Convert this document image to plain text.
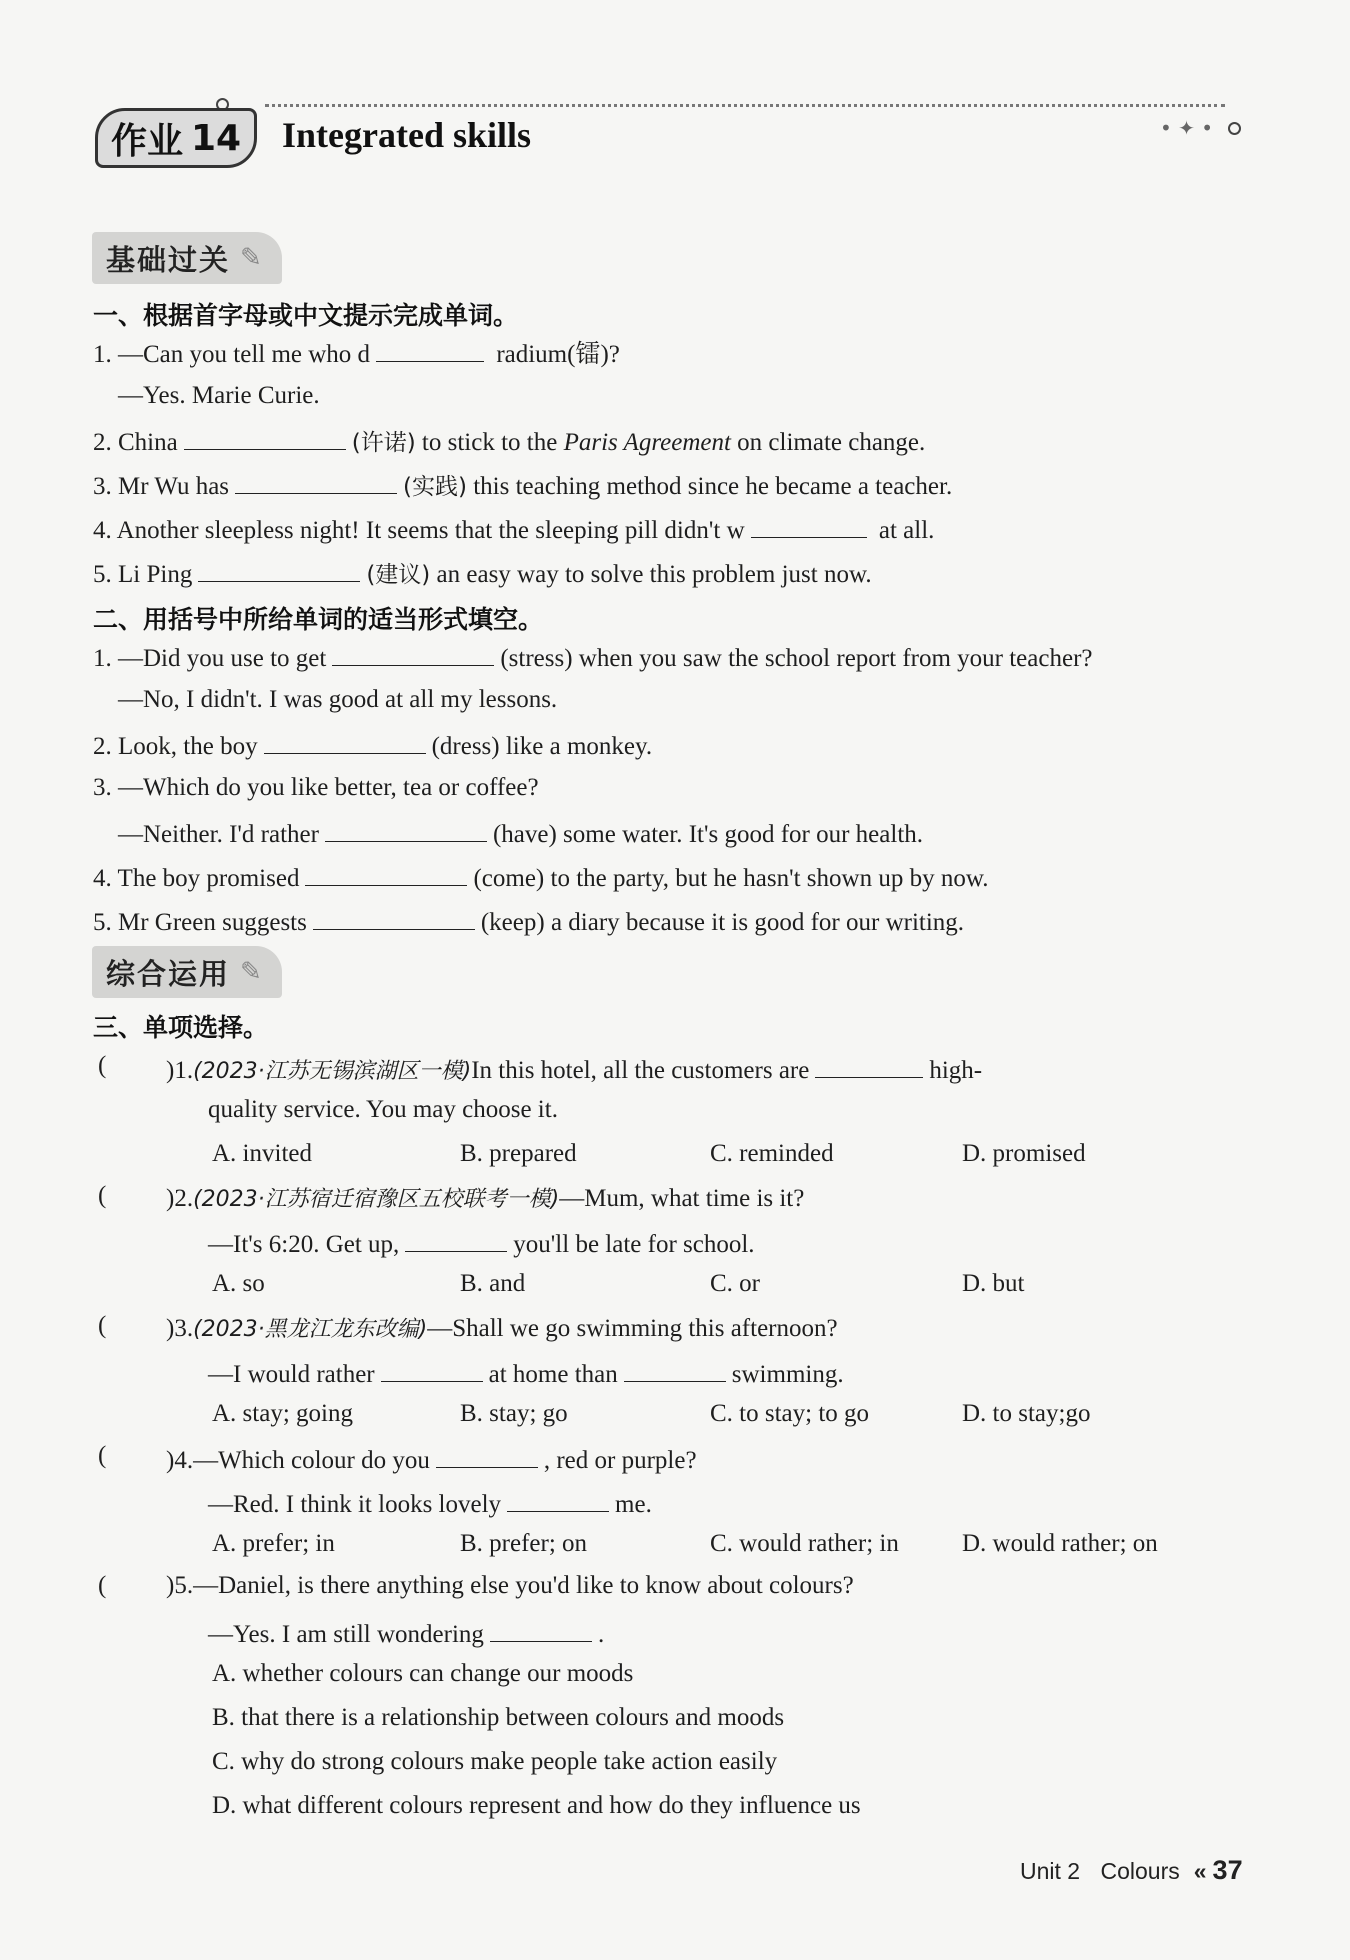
• ✦ •
作业 14 Integrated skills
基础过关 ✎
一、根据首字母或中文提示完成单词。
1. —Can you tell me who d	radium(镭)?
—Yes. Marie Curie.
2. China	(许诺) to stick to the Paris Agreement on climate change.
3. Mr Wu has	(实践) this teaching method since he became a teacher.
4. Another sleepless night! It seems that the sleeping pill didn't w	at all.
5. Li Ping	(建议) an easy way to solve this problem just now.
二、用括号中所给单词的适当形式填空。
1. —Did you use to get	(stress) when you saw the school report from your teacher?
—No, I didn't. I was good at all my lessons.
2. Look, the boy	(dress) like a monkey.
3. —Which do you like better, tea or coffee?
—Neither. I'd rather	(have) some water. It's good for our health.
4. The boy promised	(come) to the party, but he hasn't shown up by now.
5. Mr Green suggests	(keep) a diary because it is good for our writing.
综合运用 ✎
三、单项选择。
( )1.(2023·江苏无锡滨湖区一模)In this hotel, all the customers are	high-
quality service. You may choose it.
A. invited	B. prepared	C. reminded	D. promised
( )2.(2023·江苏宿迁宿豫区五校联考一模)—Mum, what time is it?
—It's 6:20. Get up,	you'll be late for school.
A. so	B. and	C. or	D. but
( )3.(2023·黑龙江龙东改编)—Shall we go swimming this afternoon?
—I would rather	at home than	swimming.
A. stay; going	B. stay; go	C. to stay; to go	D. to stay;go
( )4.—Which colour do you	, red or purple?
—Red. I think it looks lovely	me.
A. prefer; in	B. prefer; on	C. would rather; in	D. would rather; on
( )5.—Daniel, is there anything else you'd like to know about colours?
—Yes. I am still wondering	.
A. whether colours can change our moods
B. that there is a relationship between colours and moods
C. why do strong colours make people take action easily
D. what different colours represent and how do they influence us
Unit 2 Colours « 37
